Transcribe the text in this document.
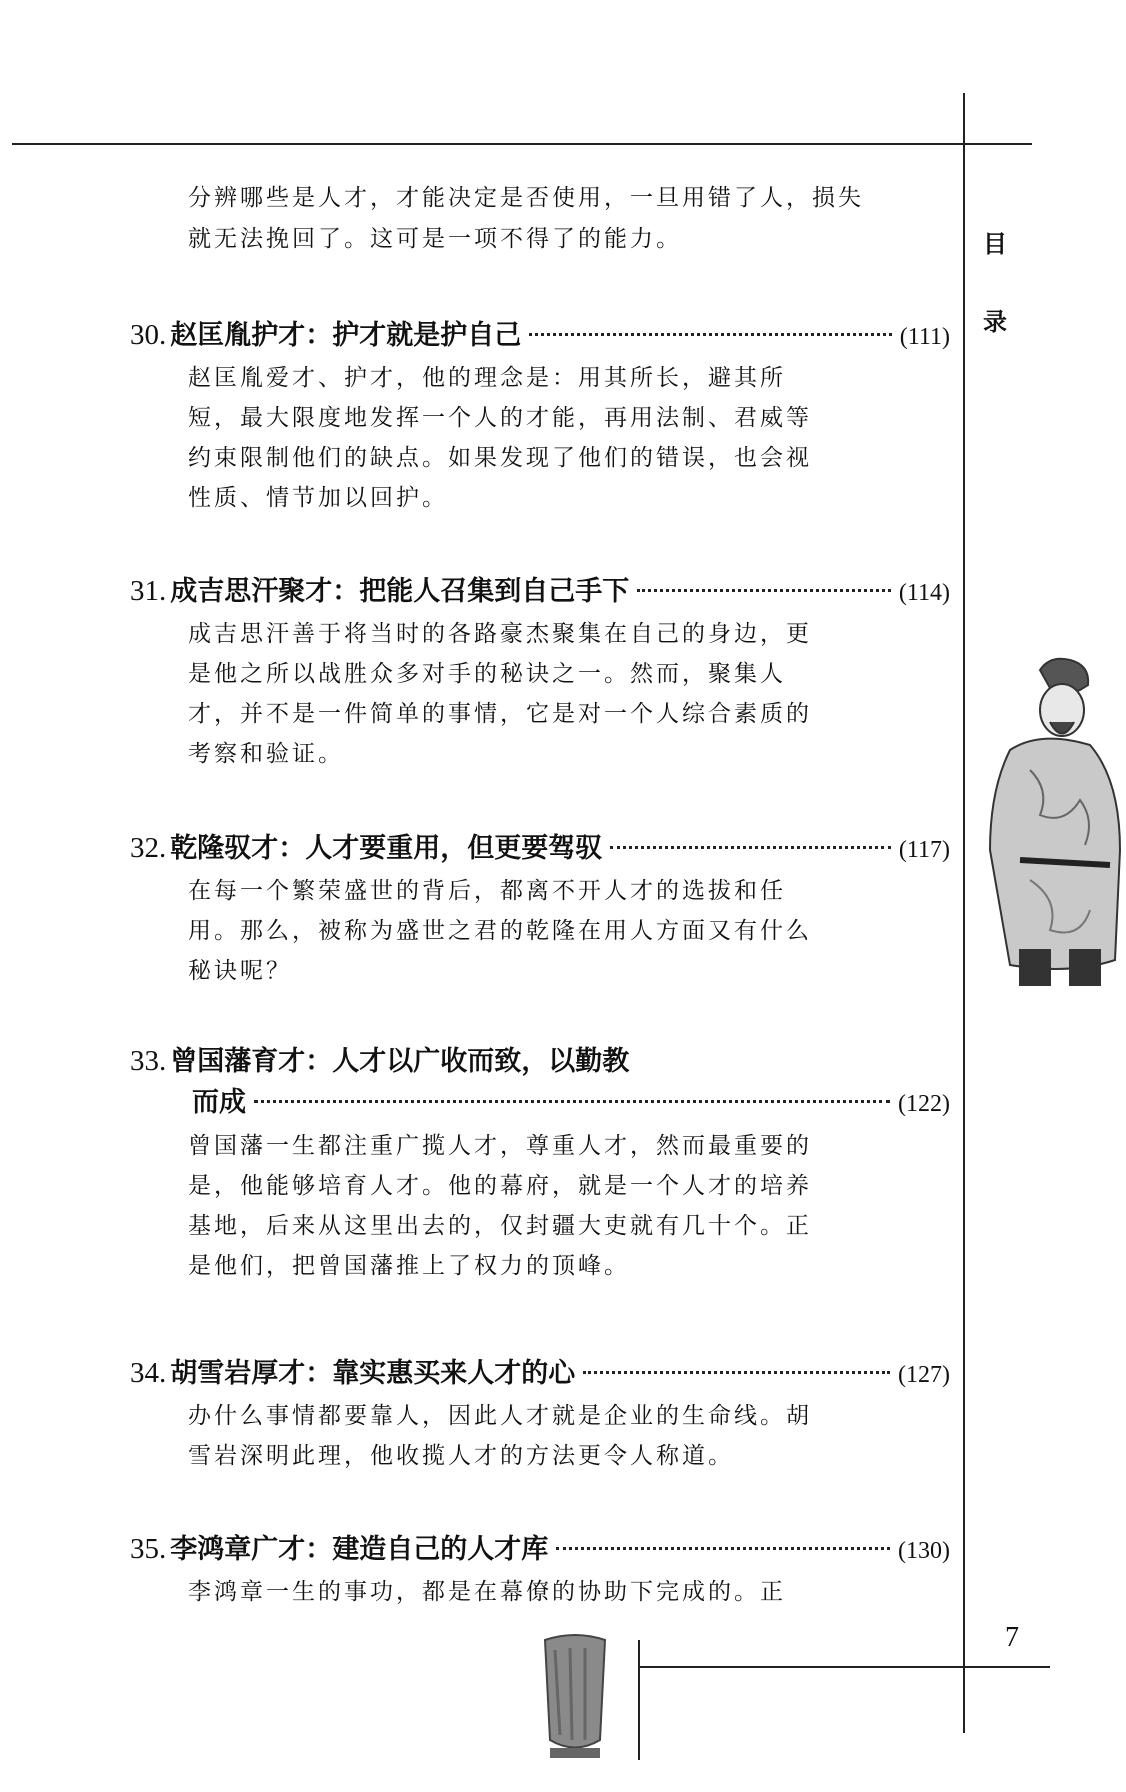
目
录
7
分辨哪些是人才，才能决定是否使用，一旦用错了人，损失就无法挽回了。这可是一项不得了的能力。
30. 赵匡胤护才：护才就是护自己	(111)
赵匡胤爱才、护才，他的理念是：用其所长，避其所短，最大限度地发挥一个人的才能，再用法制、君威等约束限制他们的缺点。如果发现了他们的错误，也会视性质、情节加以回护。
31. 成吉思汗聚才：把能人召集到自己手下	(114)
成吉思汗善于将当时的各路豪杰聚集在自己的身边，更是他之所以战胜众多对手的秘诀之一。然而，聚集人才，并不是一件简单的事情，它是对一个人综合素质的考察和验证。
32. 乾隆驭才：人才要重用，但更要驾驭	(117)
在每一个繁荣盛世的背后，都离不开人才的选拔和任用。那么，被称为盛世之君的乾隆在用人方面又有什么秘诀呢？
33. 曾国藩育才：人才以广收而致，以勤教
而成	(122)
曾国藩一生都注重广揽人才，尊重人才，然而最重要的是，他能够培育人才。他的幕府，就是一个人才的培养基地，后来从这里出去的，仅封疆大吏就有几十个。正是他们，把曾国藩推上了权力的顶峰。
34. 胡雪岩厚才：靠实惠买来人才的心	(127)
办什么事情都要靠人，因此人才就是企业的生命线。胡雪岩深明此理，他收揽人才的方法更令人称道。
35. 李鸿章广才：建造自己的人才库	(130)
李鸿章一生的事功，都是在幕僚的协助下完成的。正
